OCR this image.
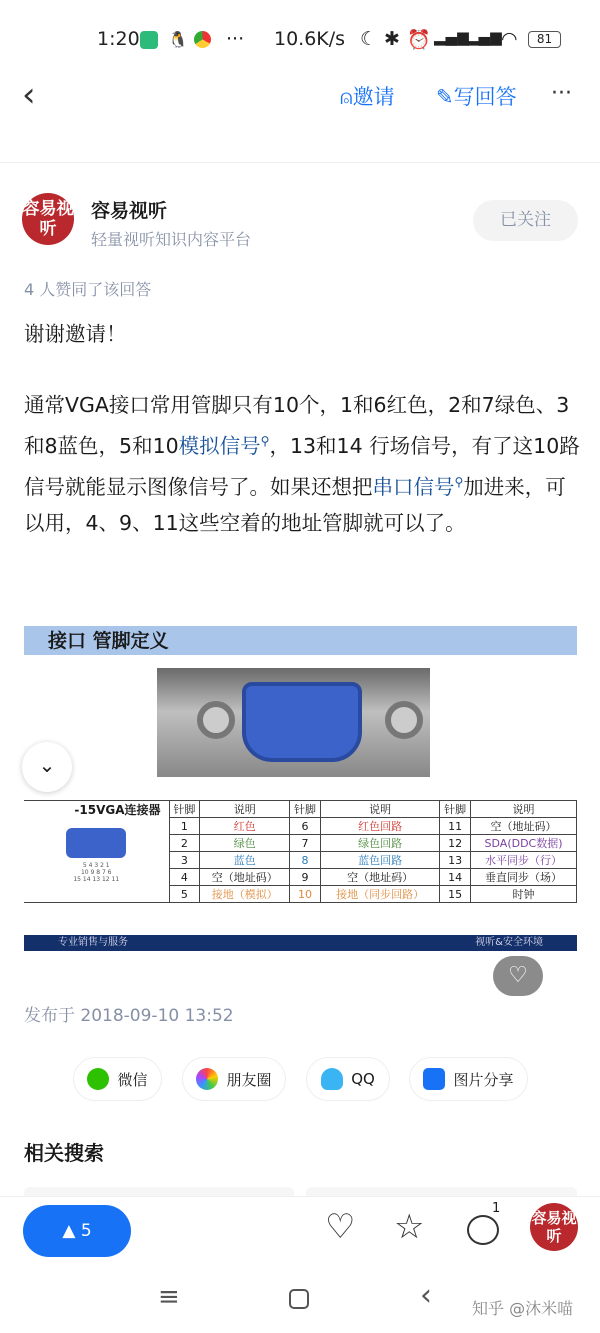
1:20 🐧 ··· 10.6K/s ☾ ✱ ⏰ ▂▄▆
▂▄▆ ◠	81
‹	⍝邀请 ✎写回答 ···
容易视听
容易视听
轻量视听知识内容平台
已关注
4 人赞同了该回答
谢谢邀请！
通常VGA接口常用管脚只有10个，1和6红色，2和7绿色、3和8蓝色，5和10模拟信号⚲，13和14 行场信号，有了这10路信号就能显示图像信号了。如果还想把串口信号⚲加进来，可以用，4、9、11这些空着的地址管脚就可以了。
接口 管脚定义
-15VGA连接器
5 4 3 2 1
10 9 8 7 6
15 14 13 12 11	针脚	说明	针脚	说明	针脚	说明
	1	红色	6	红色回路	11	空（地址码）
	2	绿色	7	绿色回路	12	SDA(DDC数据)
	3	蓝色	8	蓝色回路	13	水平同步（行）
	4	空（地址码）	9	空（地址码）	14	垂直同步（场）
	5	接地（模拟）	10	接地（同步回路）	15	时钟
⌄
专业销售与服务	视听&安全环境
♡
发布于 2018-09-10 13:52
微信	朋友圈	QQ	图片分享
相关搜索
▲ 5	♡ ☆	1
容易视听
≡	‹	知乎 @沐米喵
